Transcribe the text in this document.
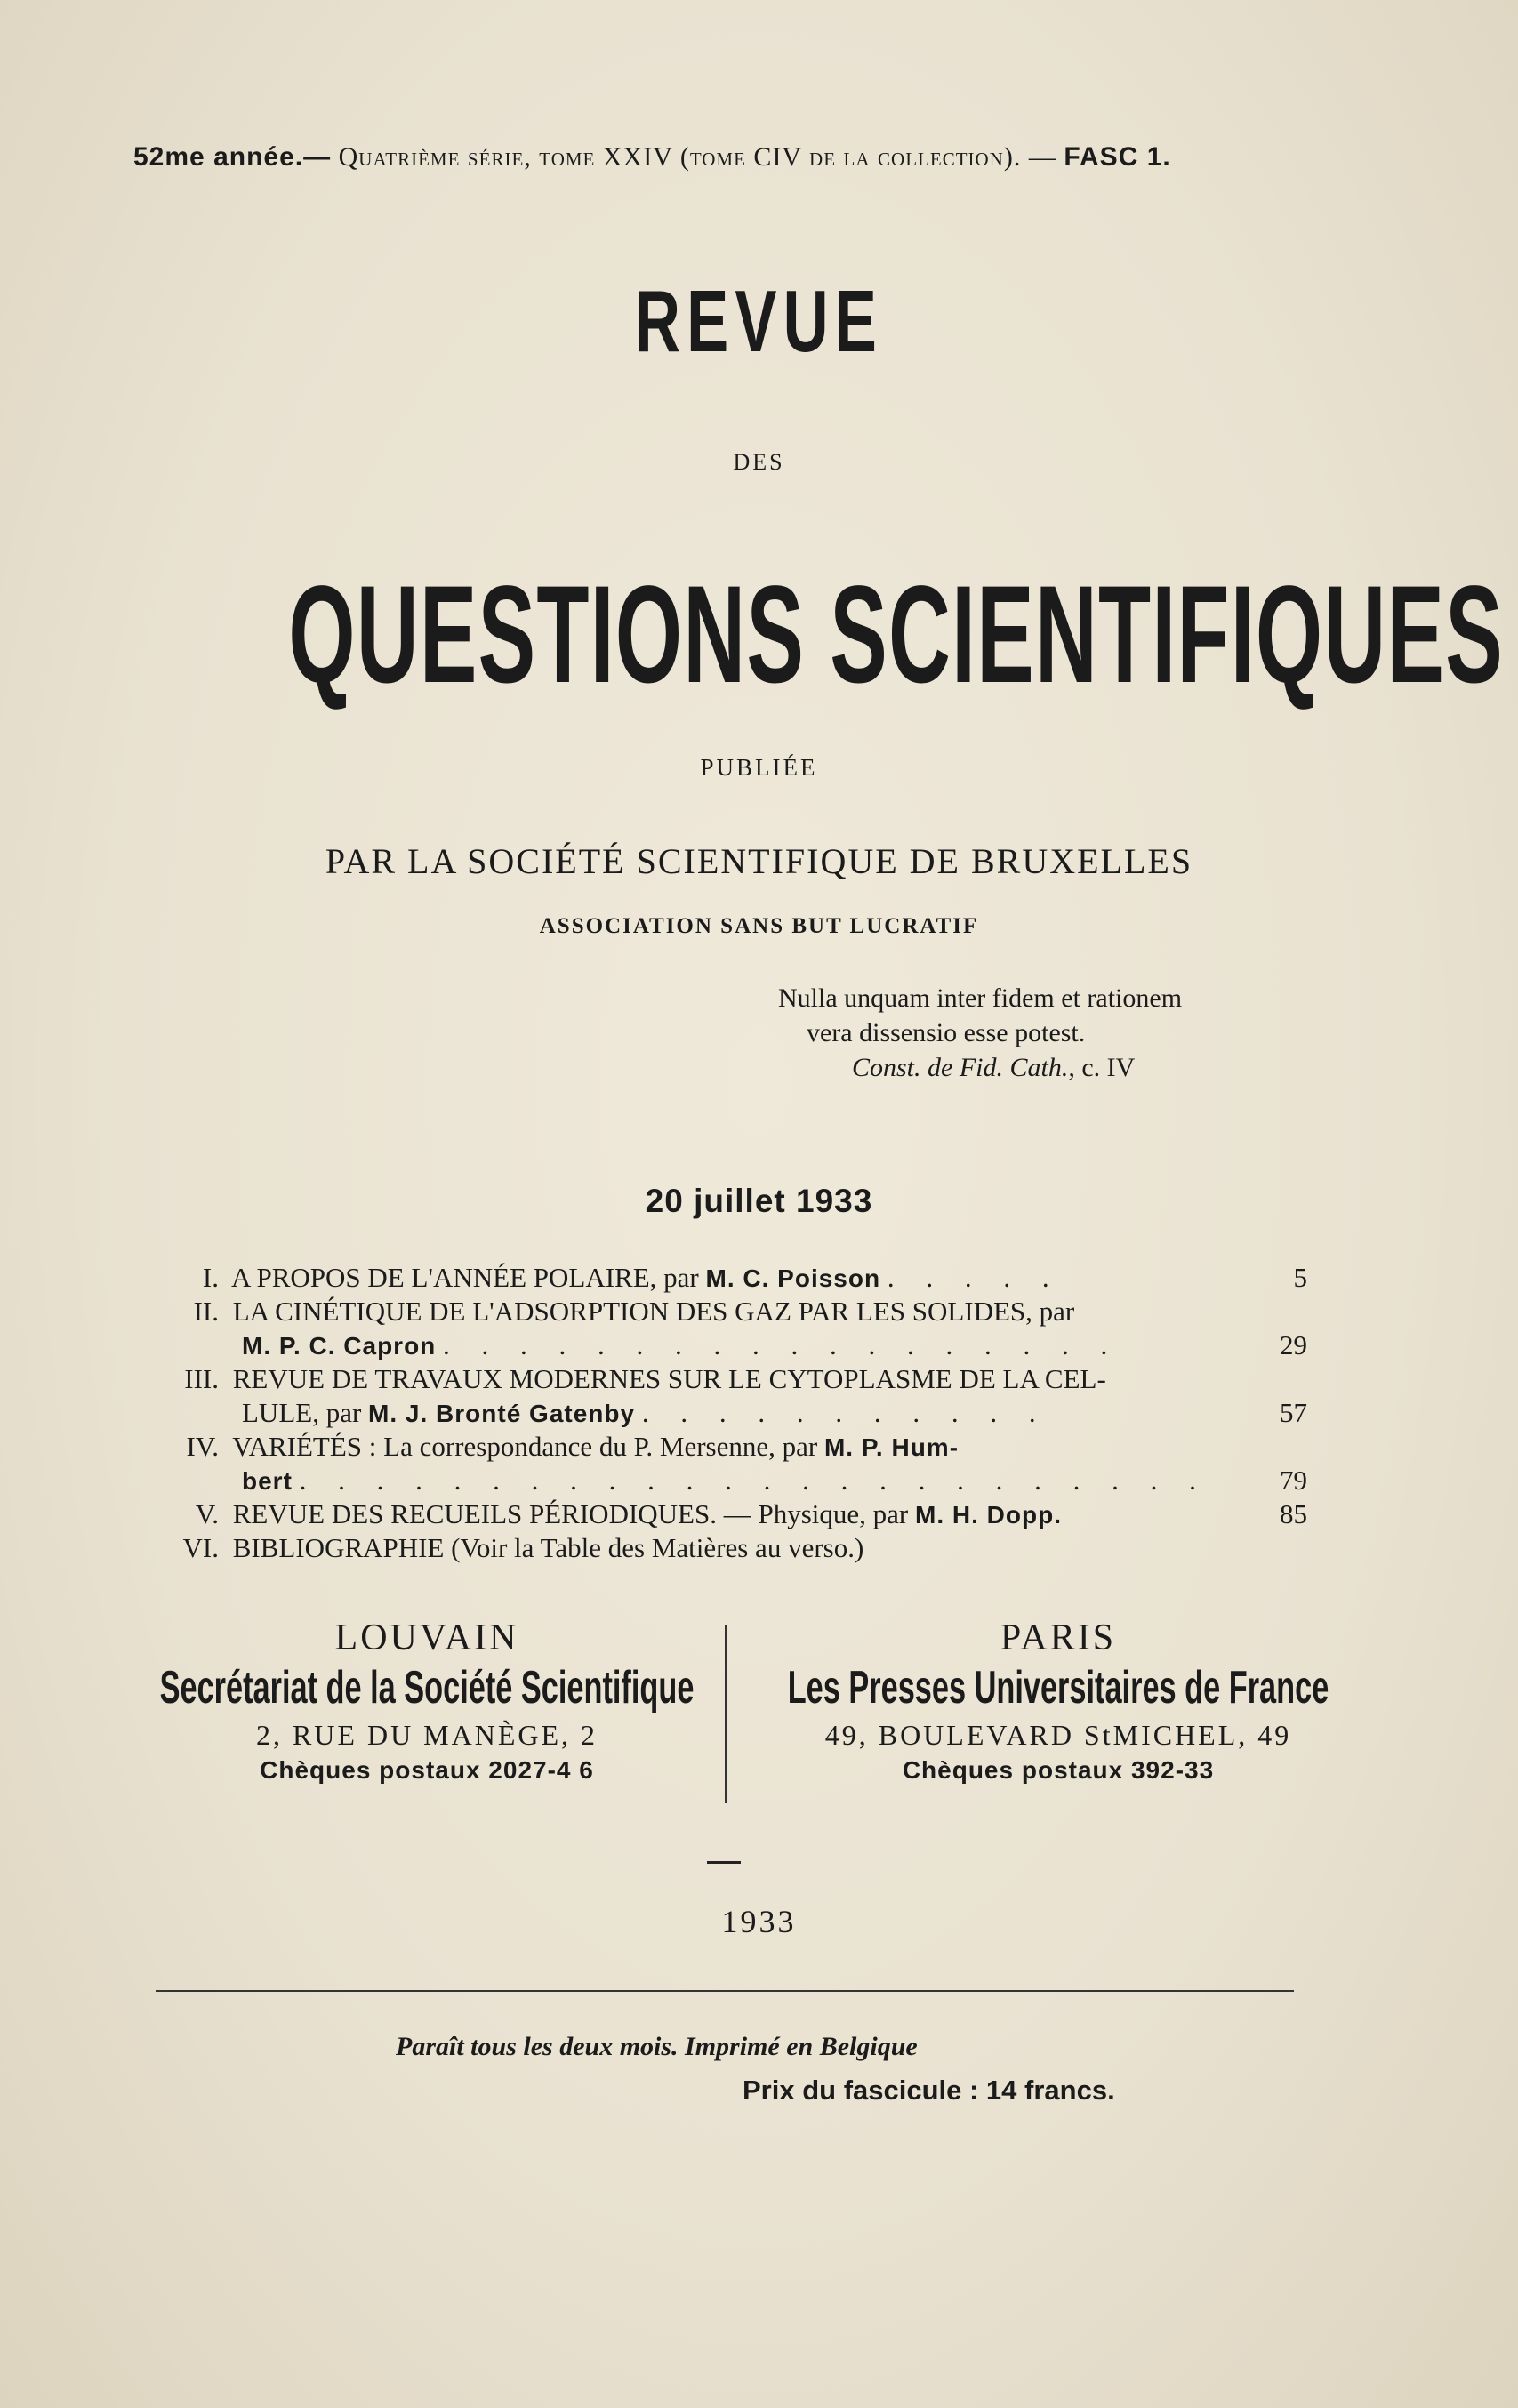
52me année.— Quatrième série, tome XXIV (tome CIV de la collection). — FASC 1.
REVUE
DES
QUESTIONS SCIENTIFIQUES
PUBLIÉE
PAR LA SOCIÉTÉ SCIENTIFIQUE DE BRUXELLES
ASSOCIATION SANS BUT LUCRATIF
Nulla unquam inter fidem et rationem
vera dissensio esse potest.
Const. de Fid. Cath., c. IV
20 juillet 1933
I. A PROPOS DE L'ANNÉE POLAIRE, par M. C. Poisson . . . . .	5
II. LA CINÉTIQUE DE L'ADSORPTION DES GAZ PAR LES SOLIDES, par
M. P. C. Capron . . . . . . . . . . . . . . . . . .	29
III. REVUE DE TRAVAUX MODERNES SUR LE CYTOPLASME DE LA CEL-
LULE, par M. J. Bronté Gatenby . . . . . . . . . . .	57
IV. VARIÉTÉS : La correspondance du P. Mersenne, par M. P. Hum-
bert . . . . . . . . . . . . . . . . . . . . . . . .	79
V. REVUE DES RECUEILS PÉRIODIQUES. — Physique, par M. H. Dopp.	85
VI. BIBLIOGRAPHIE (Voir la Table des Matières au verso.)
LOUVAIN
Secrétariat de la Société Scientifique
2, RUE DU MANÈGE, 2
Chèques postaux 2027-4 6
PARIS
Les Presses Universitaires de France
49, BOULEVARD StMICHEL, 49
Chèques postaux 392-33
1933
Paraît tous les deux mois. Imprimé en Belgique
Prix du fascicule : 14 francs.
